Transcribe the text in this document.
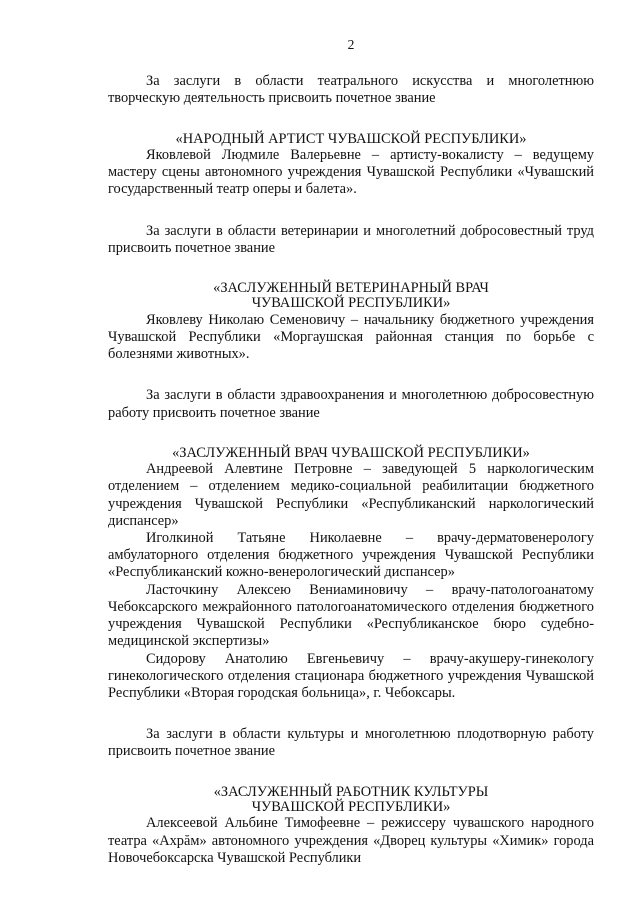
2

За заслуги в области театрального искусства и многолетнюю творческую деятельность присвоить почетное звание

«НАРОДНЫЙ АРТИСТ ЧУВАШСКОЙ РЕСПУБЛИКИ»

Яковлевой Людмиле Валерьевне – артисту-вокалисту – ведущему мастеру сцены автономного учреждения Чувашской Республики «Чувашский государственный театр оперы и балета».

За заслуги в области ветеринарии и многолетний добросовестный труд присвоить почетное звание

«ЗАСЛУЖЕННЫЙ ВЕТЕРИНАРНЫЙ ВРАЧ
ЧУВАШСКОЙ РЕСПУБЛИКИ»

Яковлеву Николаю Семеновичу – начальнику бюджетного учреждения Чувашской Республики «Моргаушская районная станция по борьбе с болезнями животных».

За заслуги в области здравоохранения и многолетнюю добросовестную работу присвоить почетное звание

«ЗАСЛУЖЕННЫЙ ВРАЧ ЧУВАШСКОЙ РЕСПУБЛИКИ»

Андреевой Алевтине Петровне – заведующей 5 наркологическим отделением – отделением медико-социальной реабилитации бюджетного учреждения Чувашской Республики «Республиканский наркологический диспансер»

Иголкиной Татьяне Николаевне – врачу-дерматовенерологу амбулаторного отделения бюджетного учреждения Чувашской Республики «Республиканский кожно-венерологический диспансер»

Ласточкину Алексею Вениаминовичу – врачу-патологоанатому Чебоксарского межрайонного патологоанатомического отделения бюджетного учреждения Чувашской Республики «Республиканское бюро судебно-медицинской экспертизы»

Сидорову Анатолию Евгеньевичу – врачу-акушеру-гинекологу гинекологического отделения стационара бюджетного учреждения Чувашской Республики «Вторая городская больница», г. Чебоксары.

За заслуги в области культуры и многолетнюю плодотворную работу присвоить почетное звание

«ЗАСЛУЖЕННЫЙ РАБОТНИК КУЛЬТУРЫ
ЧУВАШСКОЙ РЕСПУБЛИКИ»

Алексеевой Альбине Тимофеевне – режиссеру чувашского народного театра «Ахрăм» автономного учреждения «Дворец культуры «Химик» города Новочебоксарска Чувашской Республики
